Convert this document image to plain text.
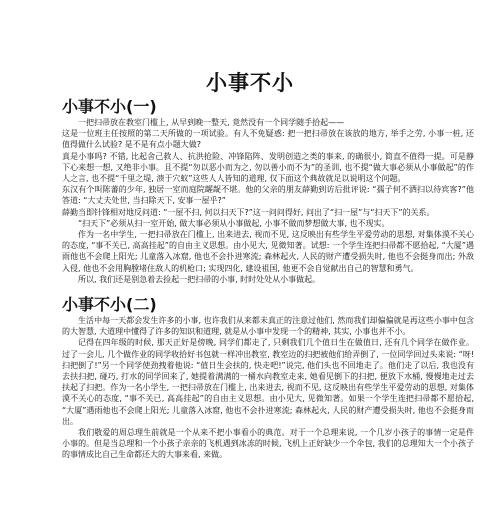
小事不小
小事不小(一)

一把扫帚放在教室门槛上, 从早到晚一整天, 竟然没有一个同学随手拾起——

这是一位班主任按照的第二天所做的一项试验。有人不免疑惑: 把一把扫帚放在该放的地方, 举手之劳, 小事一桩, 还值得做什么试验? 是不是有点小题大做?

真是小事吗? 不错, 比起舍己救人、抗洪抢险、冲锋陷阵、发明创造之类的事来, 的确很小, 简直不值得一提。可是静下心来想一想, 又绝非小事。且不提“勿以恶小而为之, 勿以善小而不为”的圣训, 也不提“做大事必须从小事做起”的作人之言, 也不提“千里之堤, 溃于穴蚁”这些人人皆知的道理, 仅下面这个典故就足以说明这个问题。

东汉有个叫陈蕃的少年, 独居一室而庭院龌龊不堪。他的父亲的朋友薛勤到访后批评说: “孺子何不洒扫以待宾客?”他答道: “大丈夫处世, 当扫除天下, 安事一屋乎?”

薛勤当即针锋相对地反问道: “一屋不扫, 何以扫天下?”这一问问得好, 问出了“扫一屋”与“扫天下”的关系。

“扫天下”必须从扫一室开始, 做大事必须从小事做起, 小事不做而梦想做大事, 也不现实。

作为一名中学生, 一把扫帚放在门槛上, 出来进去, 视而不见, 这反映出有些学生平爱劳动的思想, 对集体漠不关心的态度, “事不关已, 高高挂起”的自由主义思想。由小见大, 见微知著。试想: 一个学生连把扫帚都不愿拾起, “大厦”遇雨他也不会爬上阳光; 儿童落入冰窟, 他也不会扑进寒流; 森林起火, 人民的财产遭受损失时, 他也不会挺身而出; 外敌入侵, 他也不会用胸膛堵住敌人的机枪口; 实现四化, 建设祖国, 他更不会自觉献出自己的智慧和勇气。

所以, 我们还是别急着去捡起一把扫帚的小事, 时时处处从小事做起。

小事不小(二)

生活中每一天都会发生许多的小事, 也许我们从来都未真正的注意过他们, 然而我们却偏偏就是再这些小事中包含的大智慧, 大道理中懂得了许多的知识和道理, 就是从小事中发现一个的精神, 其实, 小事也并不小。

记得在四年级的时候, 那天正好是傍晚, 同学们都走了, 只剩我们几个值日生在做值日, 还有几个同学在做作业。过了一会儿, 几个做作业的同学收拾好书包就一样冲出教室, 教室边的扫把被他们给弄倒了, 一位同学回过头来说: “呀! 扫把倒了!”另一个同学使劲拽着他说: “值日生会扶的, 快走吧!”说完, 他们头也不回地走了。他们走了以后, 我也没有去扶扫把, 碰巧, 打水的同学回来了, 她提着满满的一桶水向教室走来, 她看见倒下的扫把, 便放下水桶, 慢慢地走过去扶起了扫把。作为一名小学生, 一把扫帚放在门槛上, 出来进去, 视而不见, 这反映出有些学生平爱劳动的思想, 对集体漠不关心的态度, “事不关已, 高高挂起”的自由主义思想。由小见大, 见微知著。如果一个学生连把扫帚都不愿拾起, “大厦”遇雨他也不会爬上阳光; 儿童落入冰窟, 他也不会扑进寒流; 森林起火, 人民的财产遭受损失时, 他也不会挺身而出。

我们敬爱的周总理生前就是一个从来不把小事看小的典范。对于一个总理来说, 一个几岁小孩子的事情一定是件小事的。但是当总理和一个小孩子亲亲的飞机遇到冰冻的时候, 飞机上正好缺少一个伞包, 我们的总理知大一个小孩子的事情成比自己生命都还大的大事来看, 来做。
